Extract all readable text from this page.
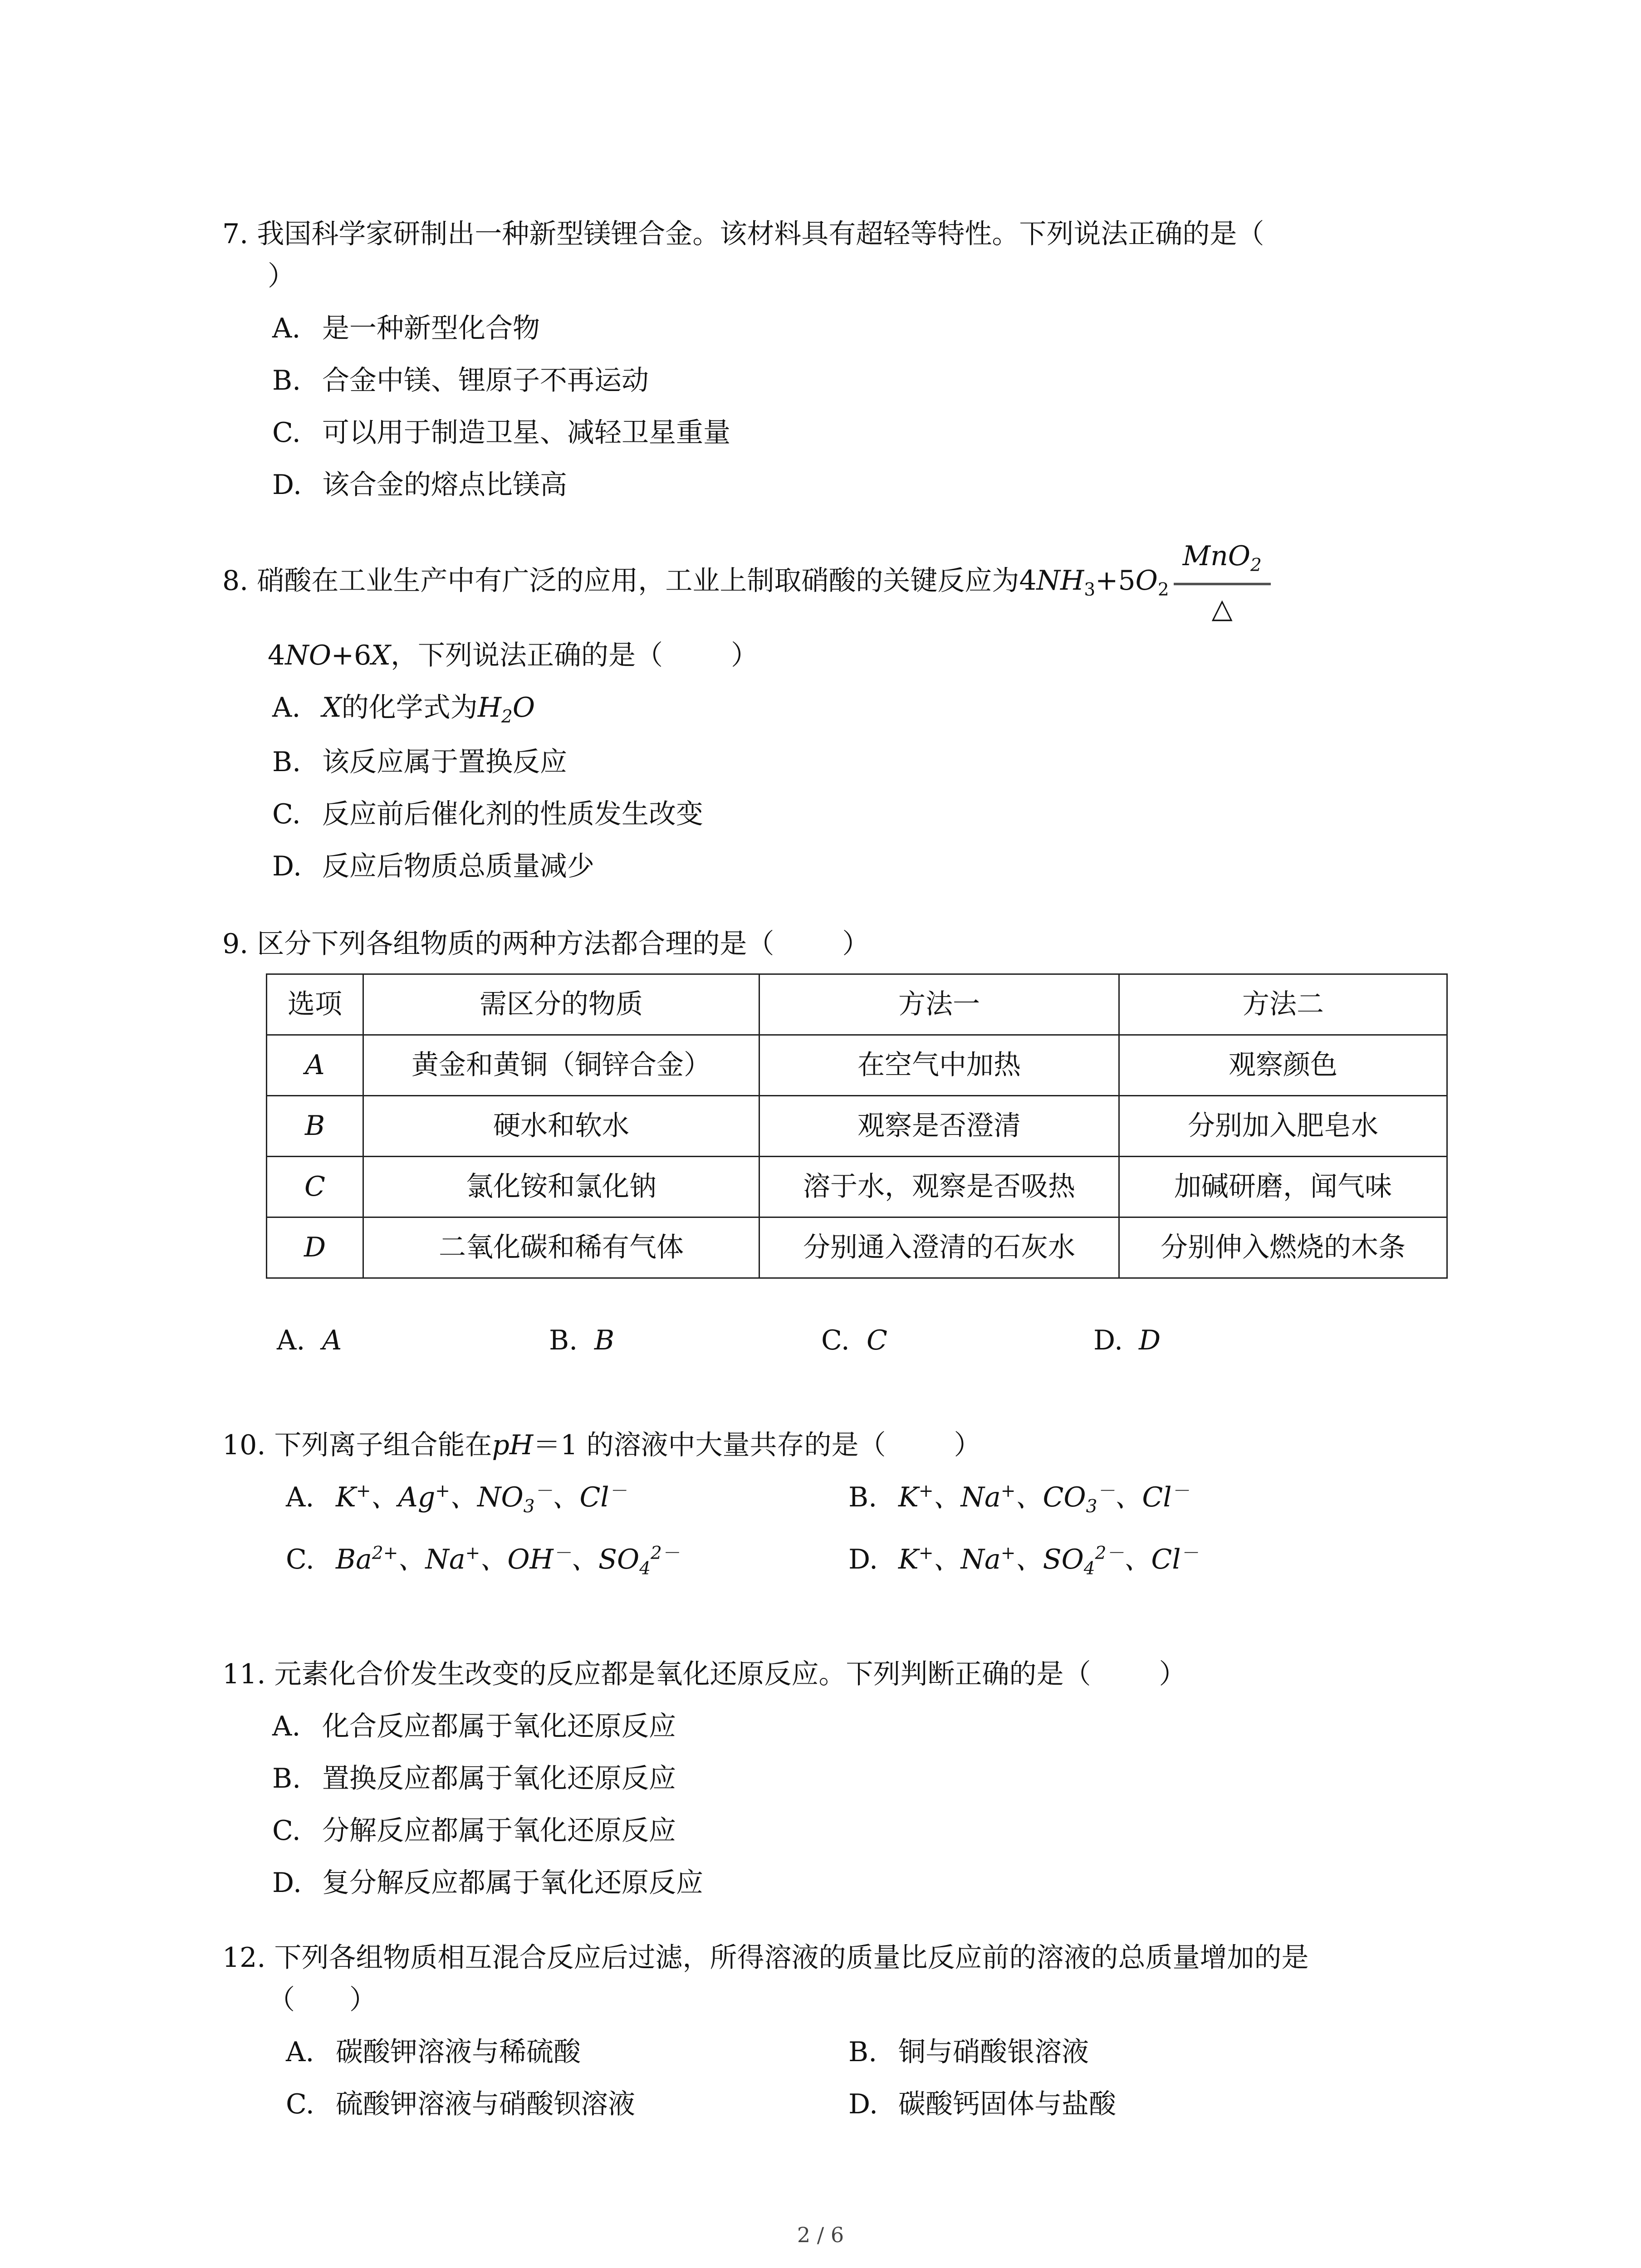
7. 我国科学家研制出一种新型镁锂合金。该材料具有超轻等特性。下列说法正确的是（
）
A. 是一种新型化合物
B. 合金中镁、锂原子不再运动
C. 可以用于制造卫星、减轻卫星重量
D. 该合金的熔点比镁高
8. 硝酸在工业生产中有广泛的应用，工业上制取硝酸的关键反应为$4NH_3+5O_2 \frac{MnO_2}{\triangle}$
4NO+6X，下列说法正确的是（	）
A. X的化学式为$H_2O$
B. 该反应属于置换反应
C. 反应前后催化剂的性质发生改变
D. 反应后物质总质量减少
9. 区分下列各组物质的两种方法都合理的是（	）
选项	需区分的物质	方法一	方法二
A	黄金和黄铜（铜锌合金）	在空气中加热	观察颜色
B	硬水和软水	观察是否澄清	分别加入肥皂水
C	氯化铵和氯化钠	溶于水，观察是否吸热	加碱研磨，闻气味
D	二氧化碳和稀有气体	分别通入澄清的石灰水	分别伸入燃烧的木条
A. A	B. B	C. C	D. D
10. 下列离子组合能在pH＝1 的溶液中大量共存的是（	）
A. K+、Ag+、$NO_3^-$、Cl－	B. K+、Na+、$CO_3^-$、Cl－
C. $Ba^{2+}$、Na+、OH－、$SO_4^{2-}$	D. K+、Na+、$SO_4^{2-}$、Cl－
11. 元素化合价发生改变的反应都是氧化还原反应。下列判断正确的是（	）
A. 化合反应都属于氧化还原反应
B. 置换反应都属于氧化还原反应
C. 分解反应都属于氧化还原反应
D. 复分解反应都属于氧化还原反应
12. 下列各组物质相互混合反应后过滤，所得溶液的质量比反应前的溶液的总质量增加的是
（ ）
A. 碳酸钾溶液与稀硫酸	B. 铜与硝酸银溶液
C. 硫酸钾溶液与硝酸钡溶液	D. 碳酸钙固体与盐酸
2 / 6
